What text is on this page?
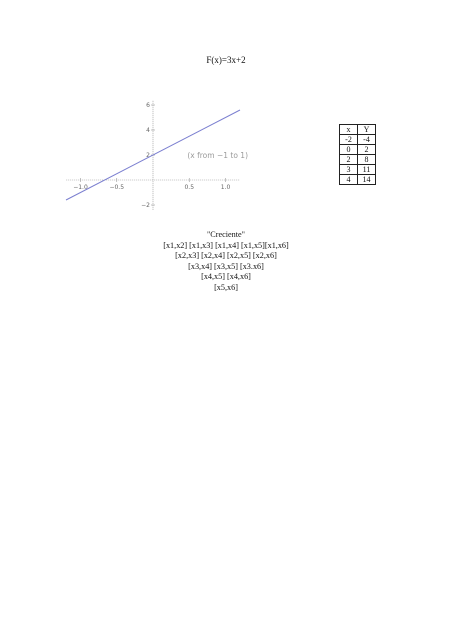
F(x)=3x+2
−1.0	−0.5	0.5	1.0
−2
2
4
6
(x from −1 to 1)
x	Y
-2	-4
0	2
2	8
3	11
4	14
"Creciente"
[x1,x2] [x1,x3] [x1,x4] [x1,x5][x1,x6]
[x2,x3] [x2,x4] [x2,x5] [x2,x6]
[x3,x4] [x3,x5] [x3.x6]
[x4,x5] [x4,x6]
[x5,x6]
